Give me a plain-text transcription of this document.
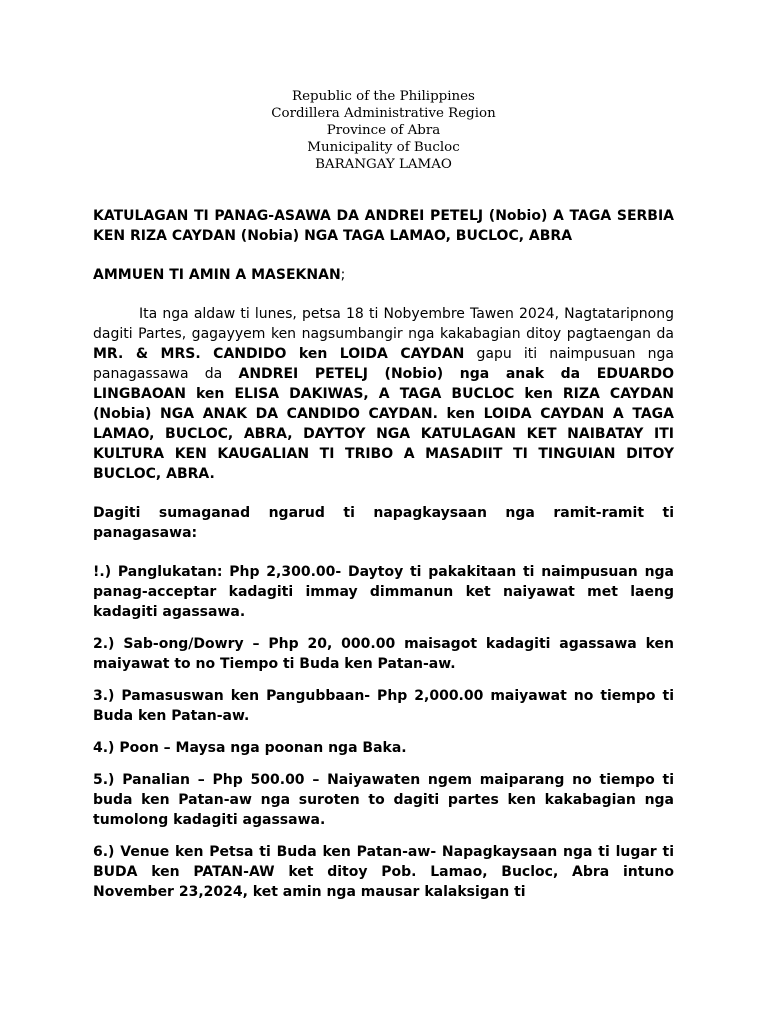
Republic of the Philippines
Cordillera Administrative Region
Province of Abra
Municipality of Bucloc
BARANGAY LAMAO
KATULAGAN TI PANAG-ASAWA DA ANDREI PETELJ (Nobio) A TAGA SERBIA KEN RIZA CAYDAN (Nobia) NGA TAGA LAMAO, BUCLOC, ABRA
AMMUEN TI AMIN A MASEKNAN;
Ita nga aldaw ti lunes, petsa 18 ti Nobyembre Tawen 2024, Nagtataripnong dagiti Partes, gagayyem ken nagsumbangir nga kakabagian ditoy pagtaengan da MR. & MRS. CANDIDO ken LOIDA CAYDAN gapu iti naimpusuan nga panagassawa da ANDREI PETELJ (Nobio) nga anak da EDUARDO LINGBAOAN ken ELISA DAKIWAS, A TAGA BUCLOC ken RIZA CAYDAN (Nobia) NGA ANAK DA CANDIDO CAYDAN. ken LOIDA CAYDAN A TAGA LAMAO, BUCLOC, ABRA, DAYTOY NGA KATULAGAN KET NAIBATAY ITI KULTURA KEN KAUGALIAN TI TRIBO A MASADIIT TI TINGUIAN DITOY BUCLOC, ABRA.
Dagiti sumaganad ngarud ti napagkaysaan nga ramit-ramit ti panagasawa:

!.) Panglukatan: Php 2,300.00- Daytoy ti pakakitaan ti naimpusuan nga panag-acceptar kadagiti immay dimmanun ket naiyawat met laeng kadagiti agassawa.

2.) Sab-ong/Dowry – Php 20, 000.00 maisagot kadagiti agassawa ken maiyawat to no Tiempo ti Buda ken Patan-aw.

3.) Pamasuswan ken Pangubbaan- Php 2,000.00 maiyawat no tiempo ti Buda ken Patan-aw.

4.) Poon – Maysa nga poonan nga Baka.

5.) Panalian – Php 500.00 – Naiyawaten ngem maiparang no tiempo ti buda ken Patan-aw nga suroten to dagiti partes ken kakabagian nga tumolong kadagiti agassawa.

6.) Venue ken Petsa ti Buda ken Patan-aw- Napagkaysaan nga ti lugar ti BUDA ken PATAN-AW ket ditoy Pob. Lamao, Bucloc, Abra intuno November 23,2024, ket amin nga mausar kalaksigan ti
